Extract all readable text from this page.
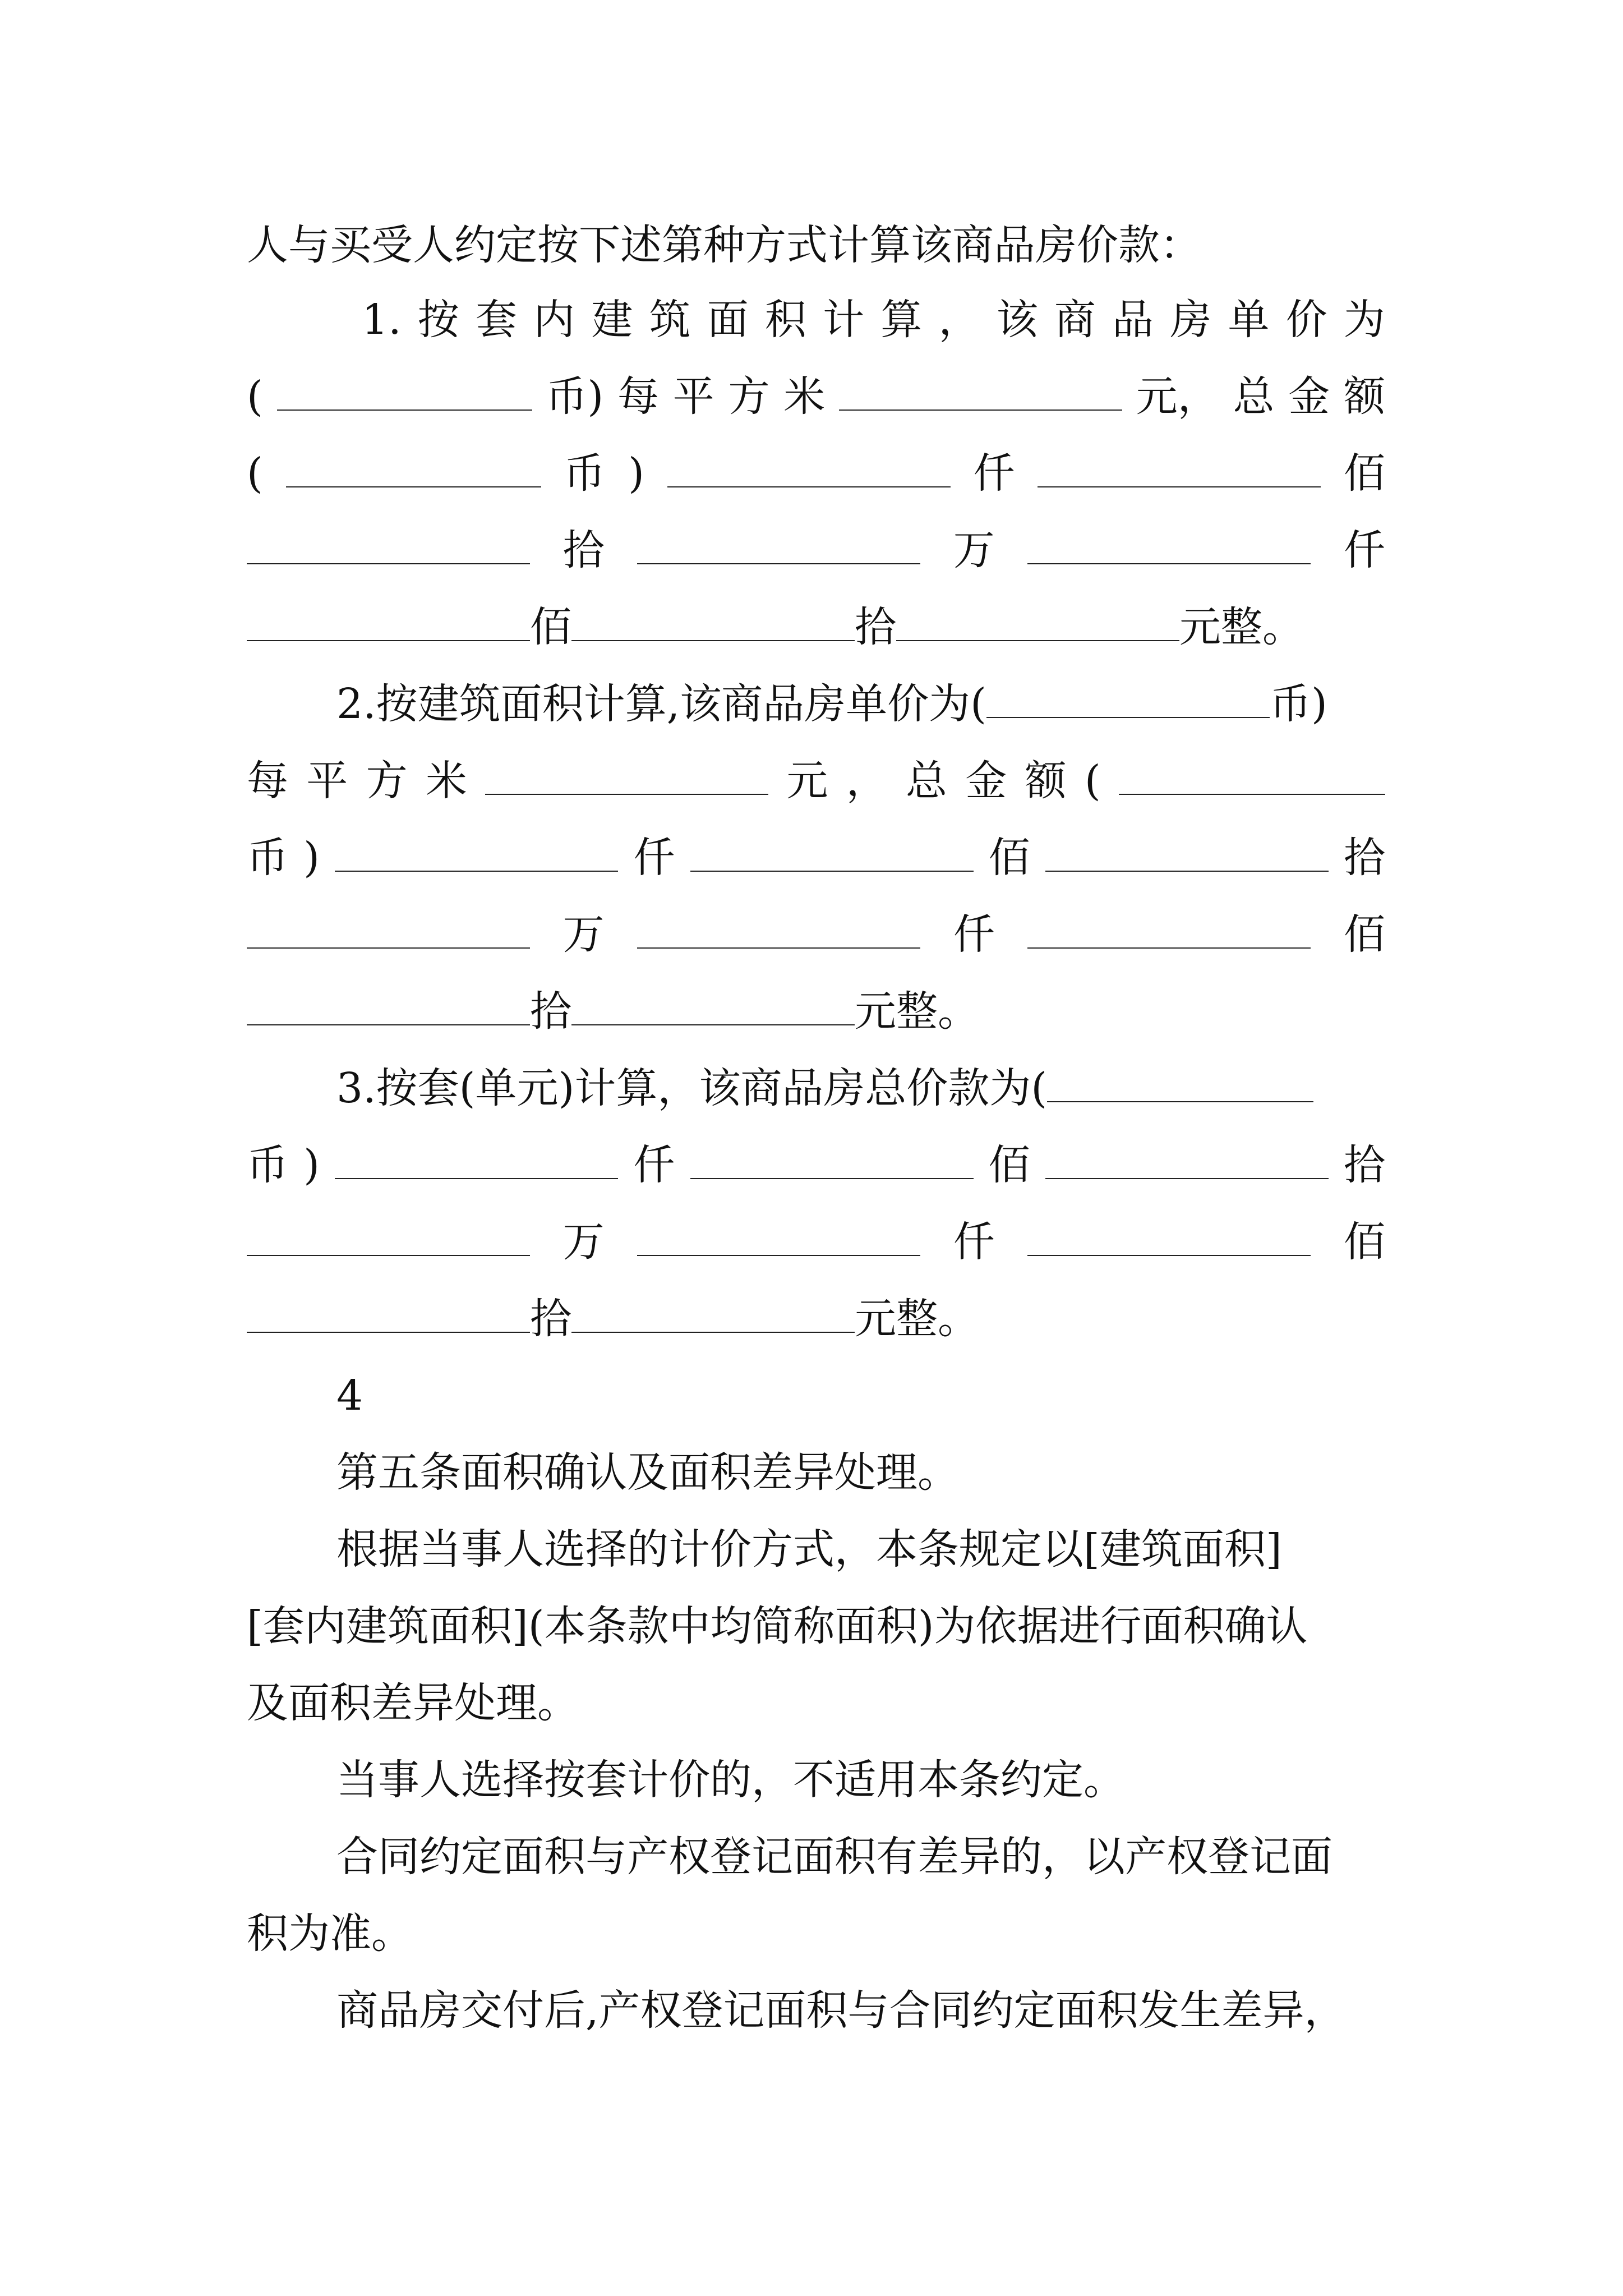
人与买受人约定按下述第种方式计算该商品房价款：
1. 按 套 内 建 筑 面 积 计 算 ， 该 商 品 房 单 价 为
(	币) 每 平 方 米	元， 总 金 额
(	币 )	仟	佰
拾	万	仟
佰	拾	元整。
2.按建筑面积计算,该商品房单价为(	币)
每 平 方 米	元 ， 总 金 额 (
币 )	仟	佰	拾
万	仟	佰
拾	元整。
3.按套(单元)计算，该商品房总价款为(
币 )	仟	佰	拾
万	仟	佰
拾	元整。
4
第五条面积确认及面积差异处理。
根据当事人选择的计价方式，本条规定以[建筑面积]
[套内建筑面积](本条款中均简称面积)为依据进行面积确认
及面积差异处理。
当事人选择按套计价的，不适用本条约定。
合同约定面积与产权登记面积有差异的，以产权登记面
积为准。
商品房交付后,产权登记面积与合同约定面积发生差异，
